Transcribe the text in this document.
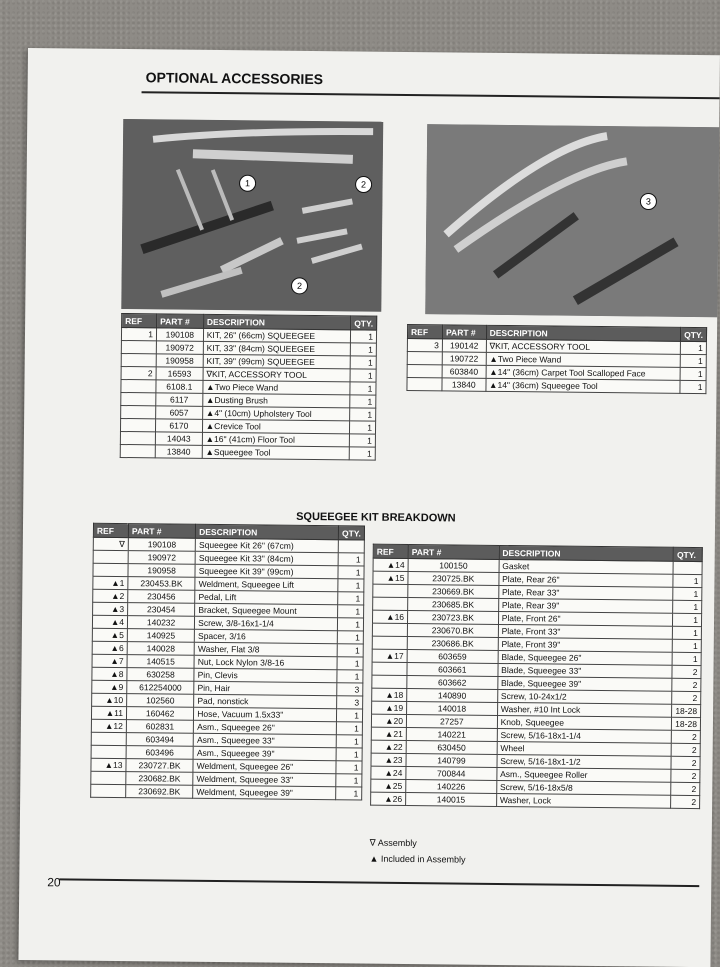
OPTIONAL ACCESSORIES
1	2
2
3
REF	PART #	DESCRIPTION	QTY.
1	190108	KIT, 26" (66cm) SQUEEGEE	1
	190972	KIT, 33" (84cm) SQUEEGEE	1
	190958	KIT, 39" (99cm) SQUEEGEE	1
2	16593	∇KIT, ACCESSORY TOOL	1
	6108.1	▲Two Piece Wand	1
	6117	▲Dusting Brush	1
	6057	▲4" (10cm) Upholstery Tool	1
	6170	▲Crevice Tool	1
	14043	▲16" (41cm) Floor Tool	1
	13840	▲Squeegee Tool	1
REF	PART #	DESCRIPTION	QTY.
3	190142	∇KIT, ACCESSORY TOOL	1
	190722	▲Two Piece Wand	1
	603840	▲14" (36cm) Carpet Tool Scalloped Face	1
	13840	▲14" (36cm) Squeegee Tool	1
SQUEEGEE KIT BREAKDOWN
REF	PART #	DESCRIPTION	QTY.
∇	190108	Squeegee Kit 26" (67cm)	
	190972	Squeegee Kit 33" (84cm)	1
	190958	Squeegee Kit 39" (99cm)	1
▲1	230453.BK	Weldment, Squeegee Lift	1
▲2	230456	Pedal, Lift	1
▲3	230454	Bracket, Squeegee Mount	1
▲4	140232	Screw, 3/8-16x1-1/4	1
▲5	140925	Spacer, 3/16	1
▲6	140028	Washer, Flat 3/8	1
▲7	140515	Nut, Lock Nylon 3/8-16	1
▲8	630258	Pin, Clevis	1
▲9	612254000	Pin, Hair	3
▲10	102560	Pad, nonstick	3
▲11	160462	Hose, Vacuum 1.5x33"	1
▲12	602831	Asm., Squeegee 26"	1
	603494	Asm., Squeegee 33"	1
	603496	Asm., Squeegee 39"	1
▲13	230727.BK	Weldment, Squeegee 26"	1
	230682.BK	Weldment, Squeegee 33"	1
	230692.BK	Weldment, Squeegee 39"	1
REF	PART #	DESCRIPTION	QTY.
▲14	100150	Gasket	
▲15	230725.BK	Plate, Rear 26"	1
	230669.BK	Plate, Rear 33"	1
	230685.BK	Plate, Rear 39"	1
▲16	230723.BK	Plate, Front 26"	1
	230670.BK	Plate, Front 33"	1
	230686.BK	Plate, Front 39"	1
▲17	603659	Blade, Squeegee 26"	1
	603661	Blade, Squeegee 33"	2
	603662	Blade, Squeegee 39"	2
▲18	140890	Screw, 10-24x1/2	2
▲19	140018	Washer, #10 Int Lock	18-28
▲20	27257	Knob, Squeegee	18-28
▲21	140221	Screw, 5/16-18x1-1/4	2
▲22	630450	Wheel	2
▲23	140799	Screw, 5/16-18x1-1/2	2
▲24	700844	Asm., Squeegee Roller	2
▲25	140226	Screw, 5/16-18x5/8	2
▲26	140015	Washer, Lock	2
∇ Assembly
▲ Included in Assembly
20
